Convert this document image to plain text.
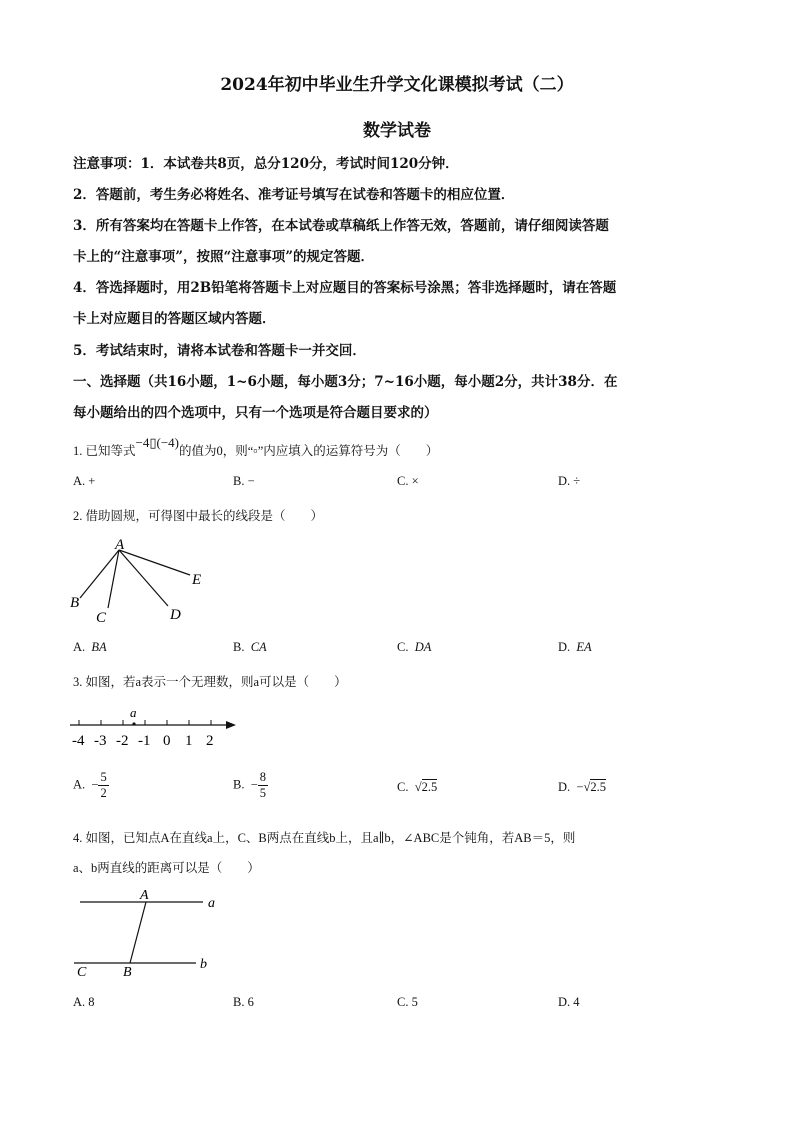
2024年初中毕业生升学文化课模拟考试（二）
数学试卷
注意事项：1．本试卷共8页，总分120分，考试时间120分钟．
2．答题前，考生务必将姓名、准考证号填写在试卷和答题卡的相应位置．
3．所有答案均在答题卡上作答，在本试卷或草稿纸上作答无效，答题前，请仔细阅读答题
卡上的“注意事项”，按照“注意事项”的规定答题．
4．答选择题时，用2B铅笔将答题卡上对应题目的答案标号涂黑；答非选择题时，请在答题
卡上对应题目的答题区域内答题．
5．考试结束时，请将本试卷和答题卡一并交回．
一、选择题（共16小题，1~6小题，每小题3分；7~16小题，每小题2分，共计38分．在
每小题给出的四个选项中，只有一个选项是符合题目要求的）
1. 已知等式−4▯(−4)的值为0，则“▫”内应填入的运算符号为（　　）
A. +	B. −	C. ×	D. ÷
2. 借助圆规，可得图中最长的线段是（　　）
A
B
C	D
E
A. BA	B. CA	C. DA	D. EA
3. 如图，若a表示一个无理数，则a可以是（　　）
a
-4 -3 -2 -1 0 1 2
A. − $\frac{5}{2}$	B. − $\frac{8}{5}$	C. √2.5	D. −√2.5
4. 如图，已知点A在直线a上，C、B两点在直线b上，且a∥b，∠ABC是个钝角，若AB＝5，则
a、b两直线的距离可以是（　　）
A
a
C	B
b
A. 8	B. 6	C. 5	D. 4
